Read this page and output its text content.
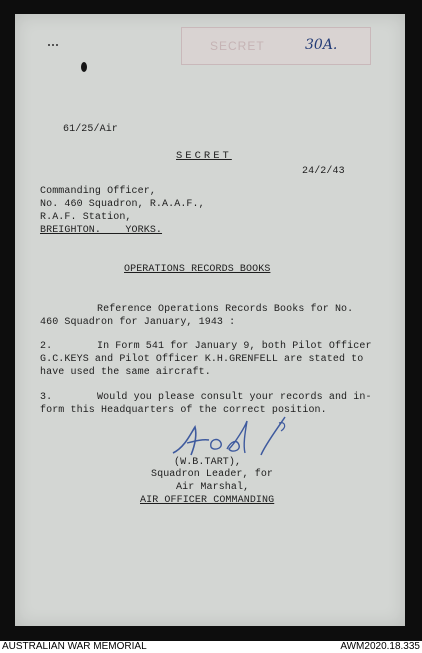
SECRET	30A.
61/25/Air
SECRET
24/2/43
Commanding Officer,
No. 460 Squadron, R.A.A.F.,
R.A.F. Station,
BREIGHTON.    YORKS.
OPERATIONS RECORDS BOOKS
Reference Operations Records Books for No.
460 Squadron for January, 1943 :
2.	In Form 541 for January 9, both Pilot Officer
G.C.KEYS and Pilot Officer K.H.GRENFELL are stated to
have used the same aircraft.
3.	Would you please consult your records and in-
form this Headquarters of the correct position.
(W.B.TART),
Squadron Leader, for
Air Marshal,
AIR OFFICER COMMANDING
AUSTRALIAN WAR MEMORIAL	AWM2020.18.335
